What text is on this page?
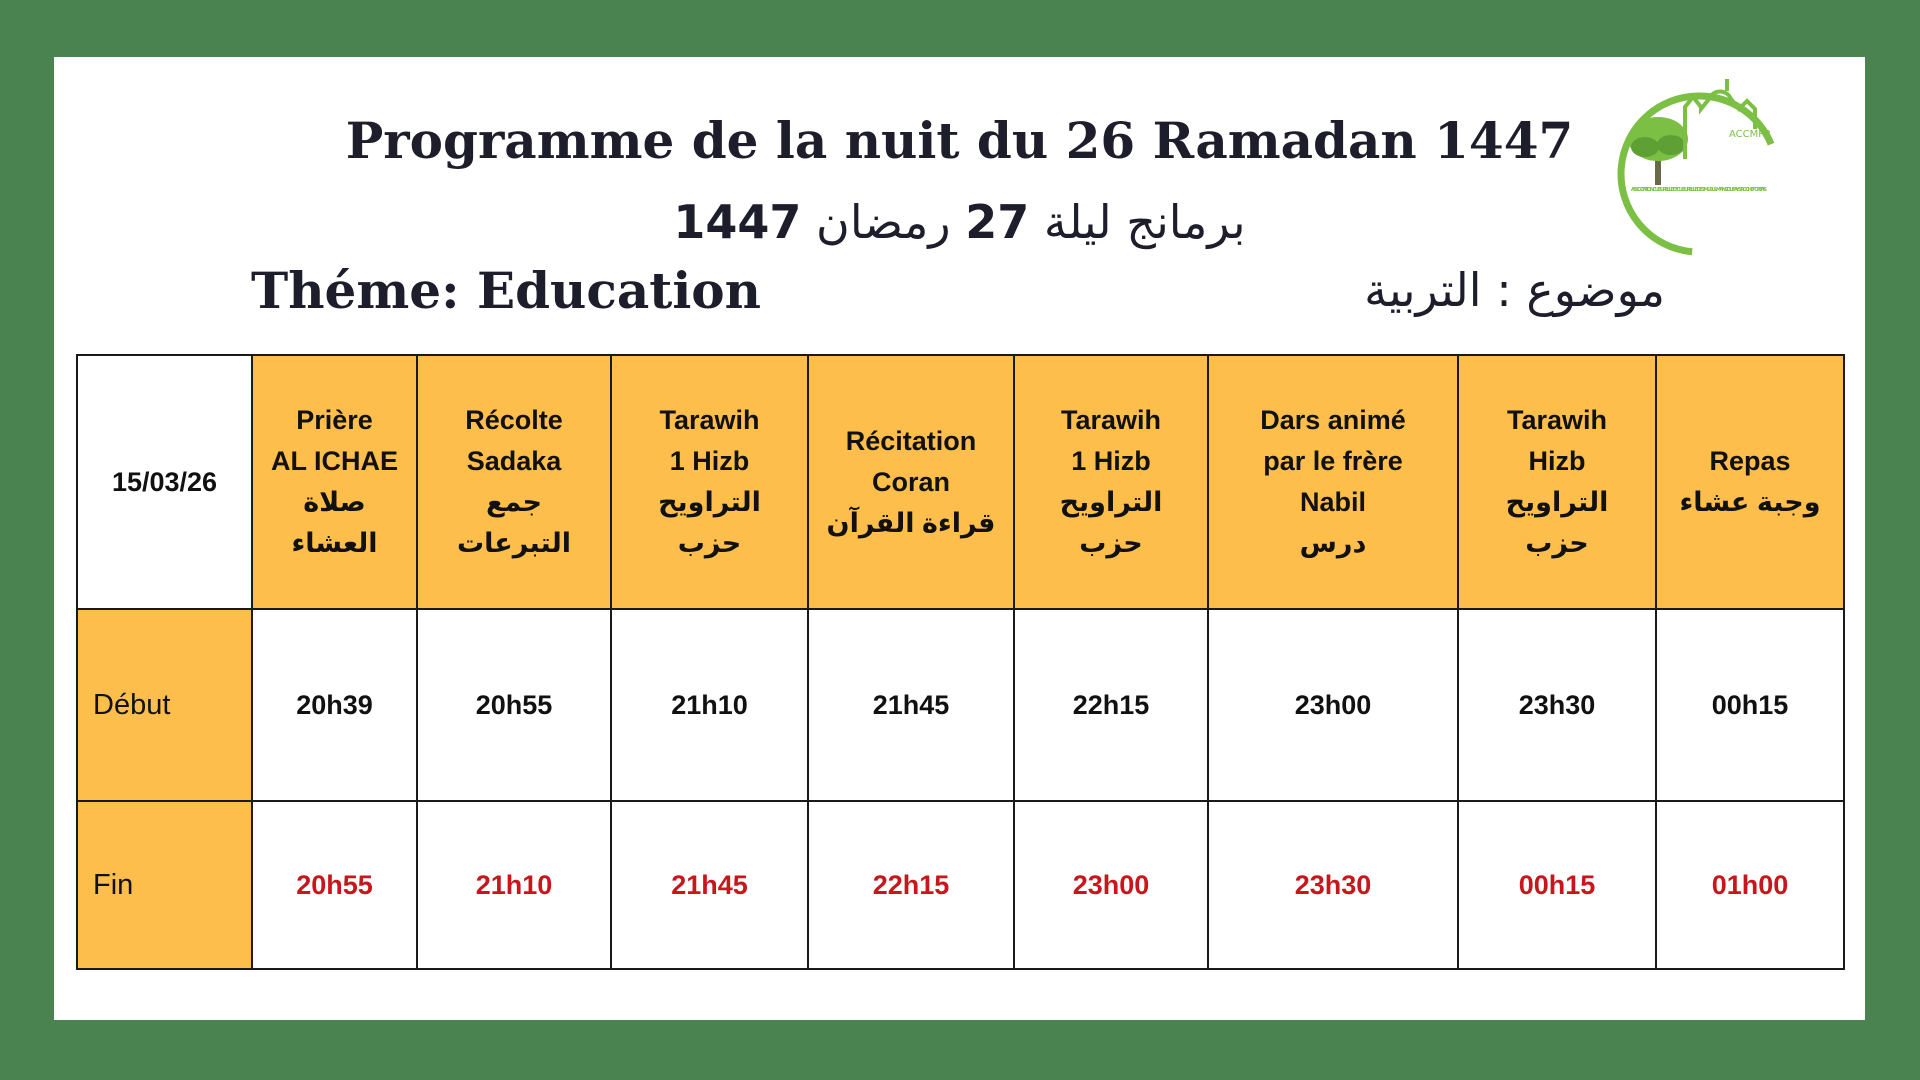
Programme de la nuit du 26 Ramadan 1447
برمانج ليلة 27 رمضان 1447
Théme: Education	موضوع : التربية
ACCMPR
ASSOCIATION CULTURELLE ET CULTURELLE DES MUSULMANS DU PAYS ROCHEFORTAIS
15/03/26	Prière
AL ICHAE
صلاة
العشاء	Récolte
Sadaka
جمع
التبرعات	Tarawih
1 Hizb
التراويح
حزب	Récitation
Coran
قراءة القرآن	Tarawih
1 Hizb
التراويح
حزب	Dars animé
par le frère
Nabil
درس	Tarawih
Hizb
التراويح
حزب	Repas
وجبة عشاء

Début	20h39	20h55	21h10	21h45	22h15	23h00	23h30	00h15
Fin	20h55	21h10	21h45	22h15	23h00	23h30	00h15	01h00
